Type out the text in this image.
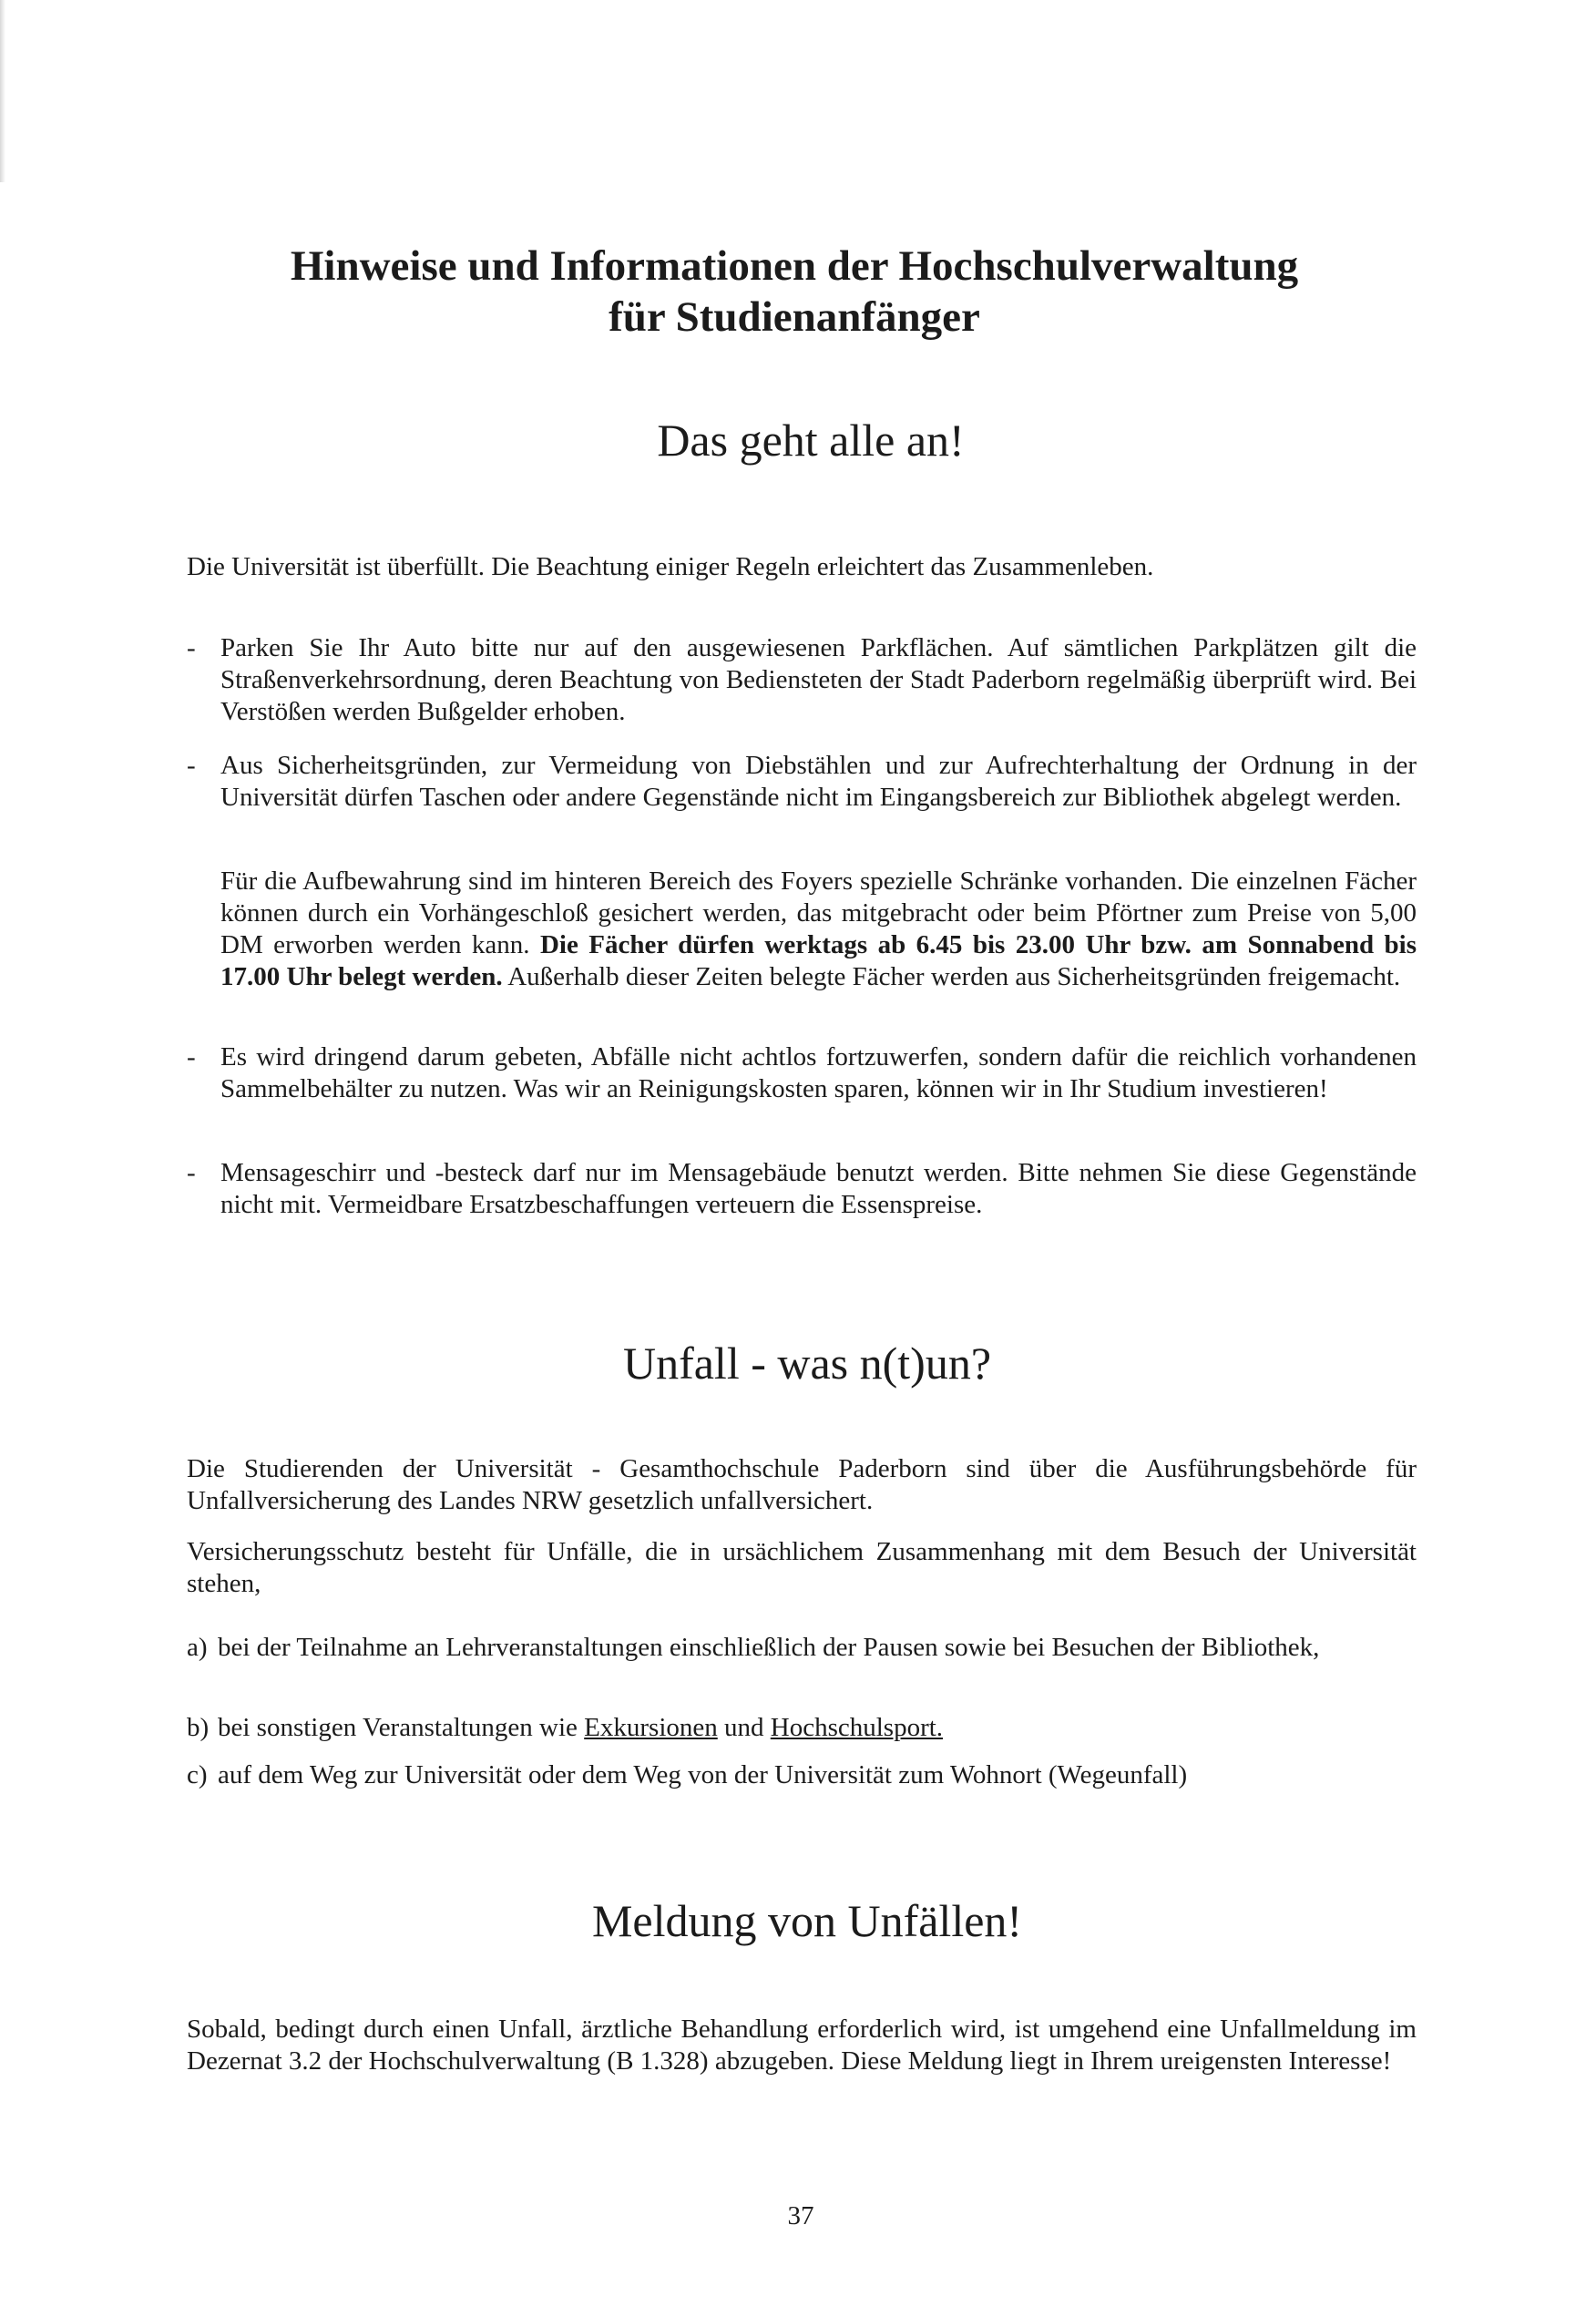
Hinweise und Informationen der Hochschulverwaltung
für Studienanfänger
Das geht alle an!

Die Universität ist überfüllt. Die Beachtung einiger Regeln erleichtert das Zusammenleben.

- Parken Sie Ihr Auto bitte nur auf den ausgewiesenen Parkflächen. Auf sämtlichen Parkplätzen gilt die Straßenverkehrsordnung, deren Beachtung von Bediensteten der Stadt Paderborn regelmäßig überprüft wird. Bei Verstößen werden Bußgelder erhoben.
- Aus Sicherheitsgründen, zur Vermeidung von Diebstählen und zur Aufrechterhaltung der Ordnung in der Universität dürfen Taschen oder andere Gegenstände nicht im Eingangsbereich zur Bibliothek abgelegt werden.

Für die Aufbewahrung sind im hinteren Bereich des Foyers spezielle Schränke vorhanden. Die einzelnen Fächer können durch ein Vorhängeschloß gesichert werden, das mitgebracht oder beim Pförtner zum Preise von 5,00 DM erworben werden kann. Die Fächer dürfen werktags ab 6.45 bis 23.00 Uhr bzw. am Sonnabend bis 17.00 Uhr belegt werden. Außerhalb dieser Zeiten belegte Fächer werden aus Sicherheitsgründen freigemacht.

- Es wird dringend darum gebeten, Abfälle nicht achtlos fortzuwerfen, sondern dafür die reichlich vorhandenen Sammelbehälter zu nutzen. Was wir an Reinigungskosten sparen, können wir in Ihr Studium investieren!
- Mensageschirr und -besteck darf nur im Mensagebäude benutzt werden. Bitte nehmen Sie diese Gegenstände nicht mit. Vermeidbare Ersatzbeschaffungen verteuern die Essenspreise.
Unfall - was n(t)un?

Die Studierenden der Universität - Gesamthochschule Paderborn sind über die Ausführungsbehörde für Unfallversicherung des Landes NRW gesetzlich unfallversichert.

Versicherungsschutz besteht für Unfälle, die in ursächlichem Zusammenhang mit dem Besuch der Universität stehen,

a) bei der Teilnahme an Lehrveranstaltungen einschließlich der Pausen sowie bei Besuchen der Bibliothek,
b) bei sonstigen Veranstaltungen wie Exkursionen und Hochschulsport.
c) auf dem Weg zur Universität oder dem Weg von der Universität zum Wohnort (Wegeunfall)
Meldung von Unfällen!

Sobald, bedingt durch einen Unfall, ärztliche Behandlung erforderlich wird, ist umgehend eine Unfallmeldung im Dezernat 3.2 der Hochschulverwaltung (B 1.328) abzugeben. Diese Meldung liegt in Ihrem ureigensten Interesse!

37
